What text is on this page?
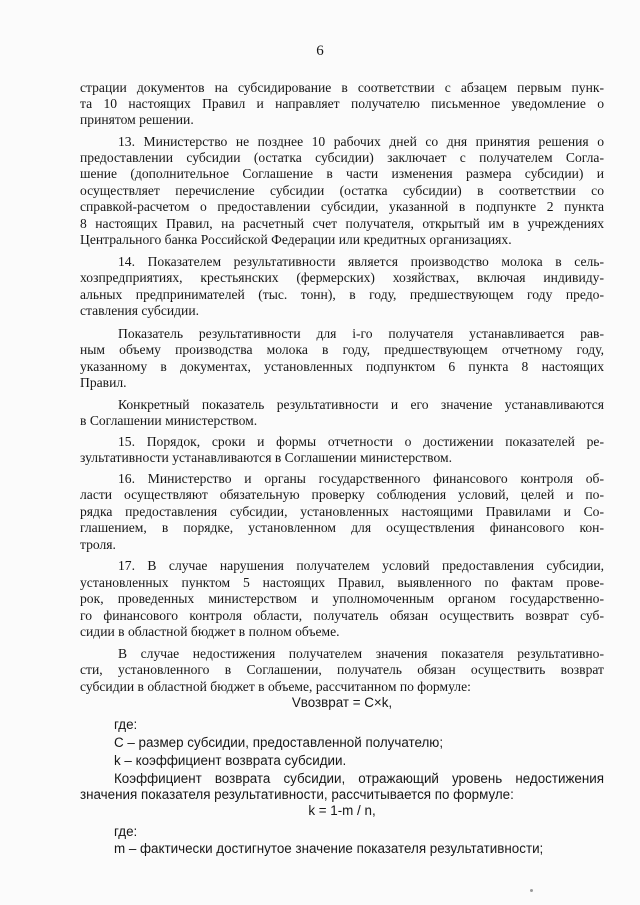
6
страции документов на субсидирование в соответствии с абзацем первым пунк-
та 10 настоящих Правил и направляет получателю письменное уведомление о
принятом решении.
13. Министерство не позднее 10 рабочих дней со дня принятия решения о
предоставлении субсидии (остатка субсидии) заключает с получателем Согла-
шение (дополнительное Соглашение в части изменения размера субсидии) и
осуществляет перечисление субсидии (остатка субсидии) в соответствии со
справкой-расчетом о предоставлении субсидии, указанной в подпункте 2 пункта
8 настоящих Правил, на расчетный счет получателя, открытый им в учреждениях
Центрального банка Российской Федерации или кредитных организациях.
14. Показателем результативности является производство молока в сель-
хозпредприятиях, крестьянских (фермерских) хозяйствах, включая индивиду-
альных предпринимателей (тыс. тонн), в году, предшествующем году предо-
ставления субсидии.
Показатель результативности для i-го получателя устанавливается рав-
ным объему производства молока в году, предшествующем отчетному году,
указанному в документах, установленных подпунктом 6 пункта 8 настоящих
Правил.
Конкретный показатель результативности и его значение устанавливаются
в Соглашении министерством.
15. Порядок, сроки и формы отчетности о достижении показателей ре-
зультативности устанавливаются в Соглашении министерством.
16. Министерство и органы государственного финансового контроля об-
ласти осуществляют обязательную проверку соблюдения условий, целей и по-
рядка предоставления субсидии, установленных настоящими Правилами и Со-
глашением, в порядке, установленном для осуществления финансового кон-
троля.
17. В случае нарушения получателем условий предоставления субсидии,
установленных пунктом 5 настоящих Правил, выявленного по фактам прове-
рок, проведенных министерством и уполномоченным органом государственно-
го финансового контроля области, получатель обязан осуществить возврат суб-
сидии в областной бюджет в полном объеме.
В случае недостижения получателем значения показателя результативно-
сти, установленного в Соглашении, получатель обязан осуществить возврат
субсидии в областной бюджет в объеме, рассчитанном по формуле:
Vвозврат = C×k,
где:
C – размер субсидии, предоставленной получателю;
k – коэффициент возврата субсидии.
Коэффициент возврата субсидии, отражающий уровень недостижения
значения показателя результативности, рассчитывается по формуле:
k = 1-m / n,
где:
m – фактически достигнутое значение показателя результативности;
